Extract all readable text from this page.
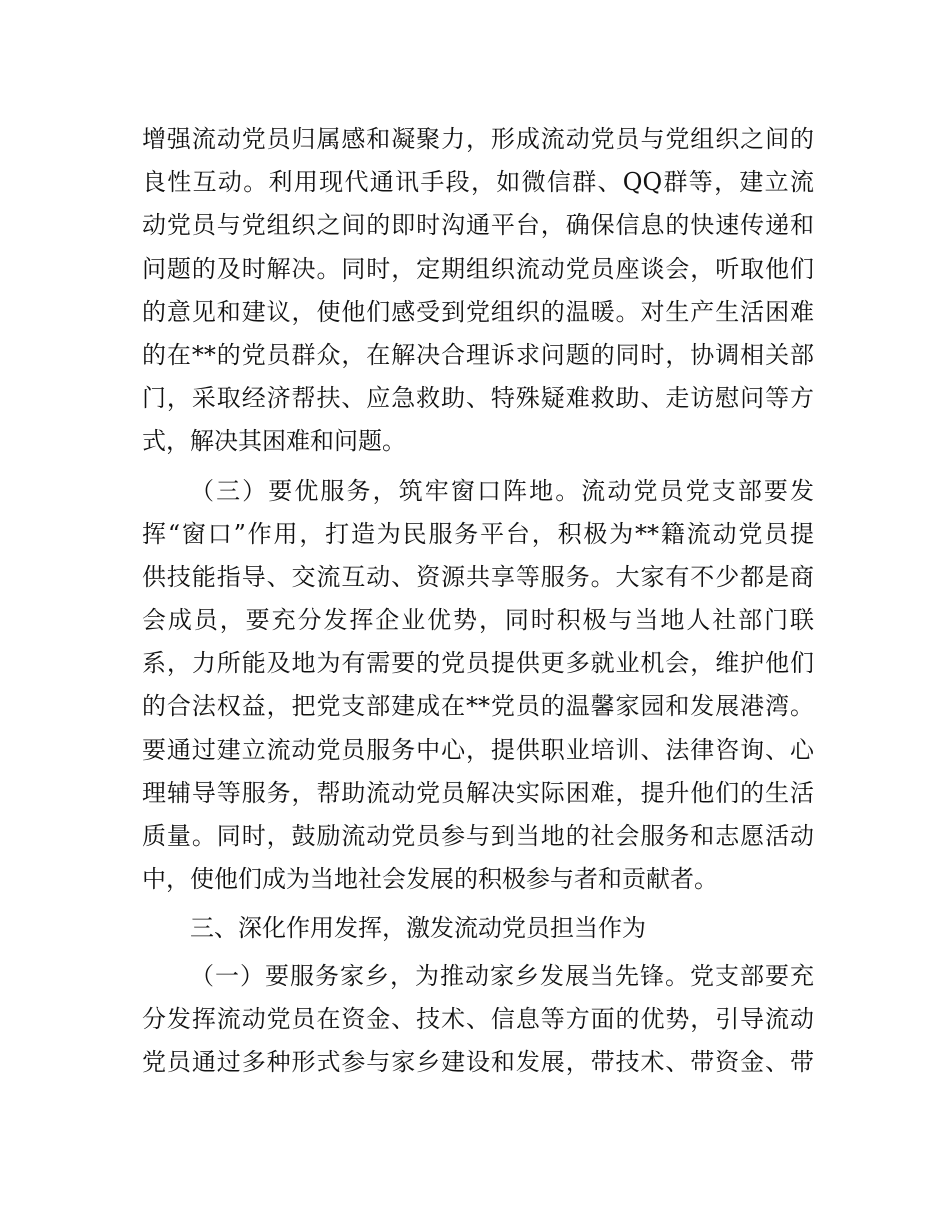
增强流动党员归属感和凝聚力，形成流动党员与党组织之间的
良性互动。利用现代通讯手段，如微信群、QQ群等，建立流
动党员与党组织之间的即时沟通平台，确保信息的快速传递和
问题的及时解决。同时，定期组织流动党员座谈会，听取他们
的意见和建议，使他们感受到党组织的温暖。对生产生活困难
的在**的党员群众，在解决合理诉求问题的同时，协调相关部
门，采取经济帮扶、应急救助、特殊疑难救助、走访慰问等方
式，解决其困难和问题。
（三）要优服务，筑牢窗口阵地。流动党员党支部要发
挥“窗口”作用，打造为民服务平台，积极为**籍流动党员提
供技能指导、交流互动、资源共享等服务。大家有不少都是商
会成员，要充分发挥企业优势，同时积极与当地人社部门联
系，力所能及地为有需要的党员提供更多就业机会，维护他们
的合法权益，把党支部建成在**党员的温馨家园和发展港湾。
要通过建立流动党员服务中心，提供职业培训、法律咨询、心
理辅导等服务，帮助流动党员解决实际困难，提升他们的生活
质量。同时，鼓励流动党员参与到当地的社会服务和志愿活动
中，使他们成为当地社会发展的积极参与者和贡献者。
三、深化作用发挥，激发流动党员担当作为
（一）要服务家乡，为推动家乡发展当先锋。党支部要充
分发挥流动党员在资金、技术、信息等方面的优势，引导流动
党员通过多种形式参与家乡建设和发展，带技术、带资金、带
